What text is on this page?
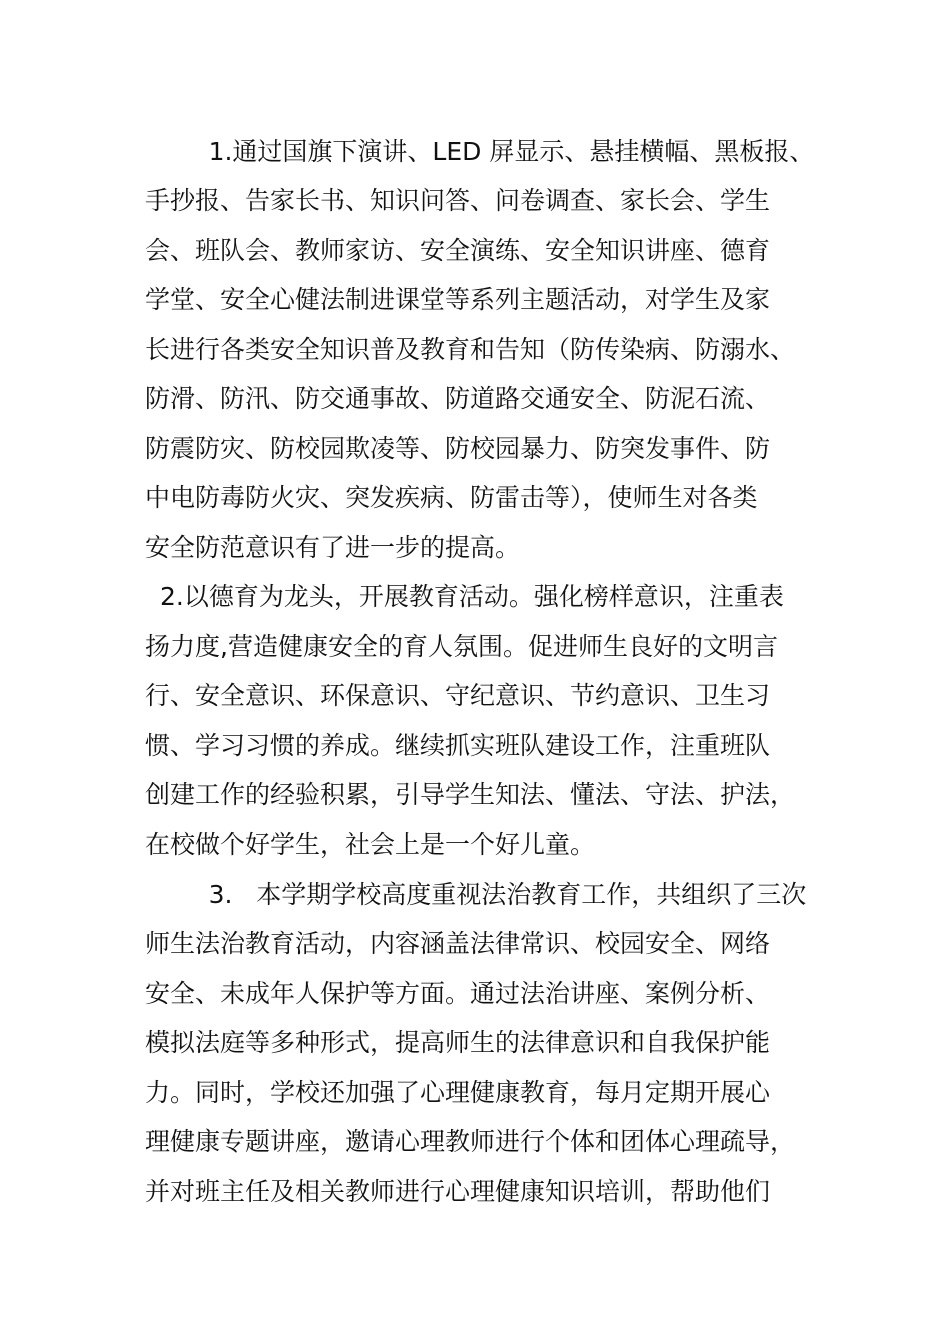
1.通过国旗下演讲、LED 屏显示、悬挂横幅、黑板报、

手抄报、告家长书、知识问答、问卷调查、家长会、学生

会、班队会、教师家访、安全演练、安全知识讲座、德育

学堂、安全心健法制进课堂等系列主题活动，对学生及家

长进行各类安全知识普及教育和告知（防传染病、防溺水、

防滑、防汛、防交通事故、防道路交通安全、防泥石流、

防震防灾、防校园欺凌等、防校园暴力、防突发事件、防

中电防毒防火灾、突发疾病、防雷击等），使师生对各类

安全防范意识有了进一步的提高。

2.以德育为龙头，开展教育活动。强化榜样意识，注重表

扬力度,营造健康安全的育人氛围。促进师生良好的文明言

行、安全意识、环保意识、守纪意识、节约意识、卫生习

惯、学习习惯的养成。继续抓实班队建设工作，注重班队

创建工作的经验积累，引导学生知法、懂法、守法、护法，

在校做个好学生，社会上是一个好儿童。

3.   本学期学校高度重视法治教育工作，共组织了三次

师生法治教育活动，内容涵盖法律常识、校园安全、网络

安全、未成年人保护等方面。通过法治讲座、案例分析、

模拟法庭等多种形式，提高师生的法律意识和自我保护能

力。同时，学校还加强了心理健康教育，每月定期开展心

理健康专题讲座，邀请心理教师进行个体和团体心理疏导，

并对班主任及相关教师进行心理健康知识培训，帮助他们
